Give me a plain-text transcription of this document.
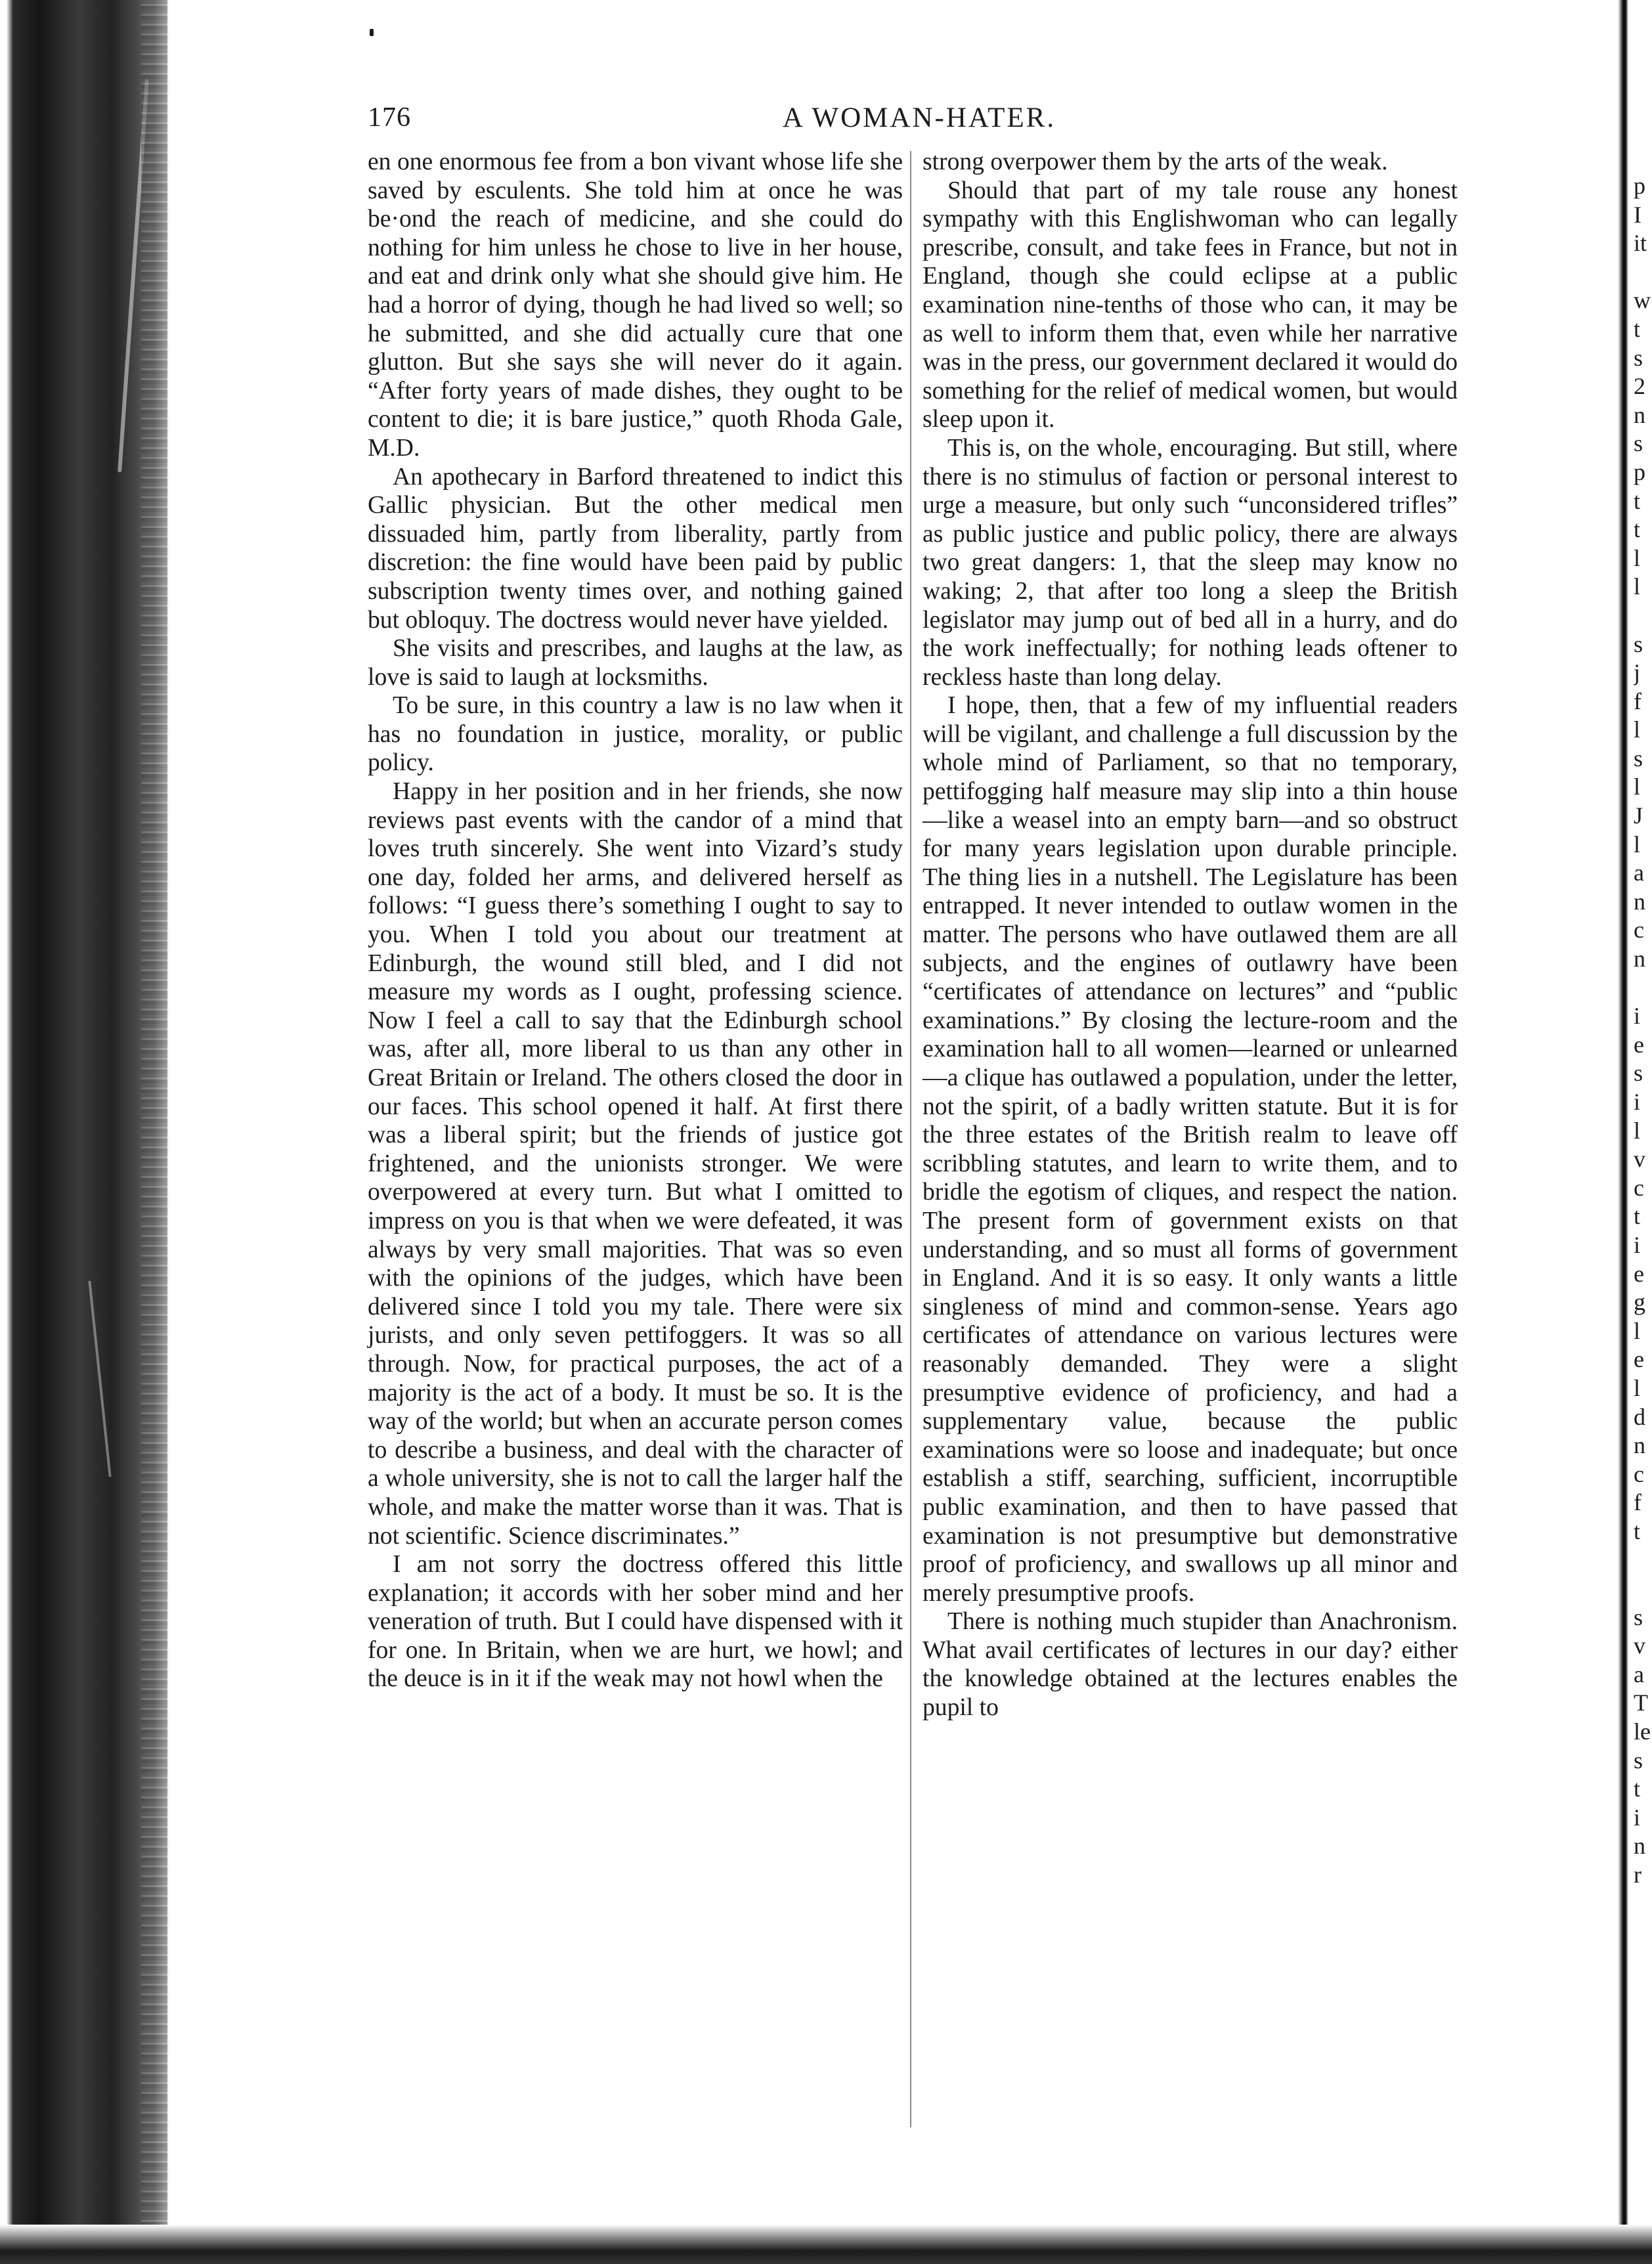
176	A WOMAN-HATER.

en one enormous fee from a bon vivant whose life she saved by esculents. She told him at once he was be·ond the reach of medicine, and she could do nothing for him unless he chose to live in her house, and eat and drink only what she should give him. He had a horror of dying, though he had lived so well; so he submitted, and she did actually cure that one glutton. But she says she will never do it again. “After forty years of made dishes, they ought to be content to die; it is bare justice,” quoth Rhoda Gale, M.D.

An apothecary in Barford threatened to indict this Gallic physician. But the other medical men dissuaded him, partly from liberality, partly from discretion: the fine would have been paid by public subscription twenty times over, and nothing gained but obloquy. The doctress would never have yielded.

She visits and prescribes, and laughs at the law, as love is said to laugh at locksmiths.

To be sure, in this country a law is no law when it has no foundation in justice, morality, or public policy.

Happy in her position and in her friends, she now reviews past events with the candor of a mind that loves truth sincerely. She went into Vizard’s study one day, folded her arms, and delivered herself as follows: “I guess there’s something I ought to say to you. When I told you about our treatment at Edinburgh, the wound still bled, and I did not measure my words as I ought, professing science. Now I feel a call to say that the Edinburgh school was, after all, more liberal to us than any other in Great Britain or Ireland. The others closed the door in our faces. This school opened it half. At first there was a liberal spirit; but the friends of justice got frightened, and the unionists stronger. We were overpowered at every turn. But what I omitted to impress on you is that when we were defeated, it was always by very small majorities. That was so even with the opinions of the judges, which have been delivered since I told you my tale. There were six jurists, and only seven pettifoggers. It was so all through. Now, for practical purposes, the act of a majority is the act of a body. It must be so. It is the way of the world; but when an accurate person comes to describe a business, and deal with the character of a whole university, she is not to call the larger half the whole, and make the matter worse than it was. That is not scientific. Science discriminates.”

I am not sorry the doctress offered this little explanation; it accords with her sober mind and her veneration of truth. But I could have dispensed with it for one. In Britain, when we are hurt, we howl; and the deuce is in it if the weak may not howl when the

strong overpower them by the arts of the weak.

Should that part of my tale rouse any honest sympathy with this Englishwoman who can legally prescribe, consult, and take fees in France, but not in England, though she could eclipse at a public examination nine-tenths of those who can, it may be as well to inform them that, even while her narrative was in the press, our government declared it would do something for the relief of medical women, but would sleep upon it.

This is, on the whole, encouraging. But still, where there is no stimulus of faction or personal interest to urge a measure, but only such “unconsidered trifles” as public justice and public policy, there are always two great dangers: 1, that the sleep may know no waking; 2, that after too long a sleep the British legislator may jump out of bed all in a hurry, and do the work ineffectually; for nothing leads oftener to reckless haste than long delay.

I hope, then, that a few of my influential readers will be vigilant, and challenge a full discussion by the whole mind of Parliament, so that no temporary, pettifogging half measure may slip into a thin house—like a weasel into an empty barn—and so obstruct for many years legislation upon durable principle. The thing lies in a nutshell. The Legislature has been entrapped. It never intended to outlaw women in the matter. The persons who have outlawed them are all subjects, and the engines of outlawry have been “certificates of attendance on lectures” and “public examinations.” By closing the lecture-room and the examination hall to all women—learned or unlearned—a clique has outlawed a population, under the letter, not the spirit, of a badly written statute. But it is for the three estates of the British realm to leave off scribbling statutes, and learn to write them, and to bridle the egotism of cliques, and respect the nation. The present form of government exists on that understanding, and so must all forms of government in England. And it is so easy. It only wants a little singleness of mind and common-sense. Years ago certificates of attendance on various lectures were reasonably demanded. They were a slight presumptive evidence of proficiency, and had a supplementary value, because the public examinations were so loose and inadequate; but once establish a stiff, searching, sufficient, incorruptible public examination, and then to have passed that examination is not presumptive but demonstrative proof of proficiency, and swallows up all minor and merely presumptive proofs.

There is nothing much stupider than Anachronism. What avail certificates of lectures in our day? either the knowledge obtained at the lectures enables the pupil to

p
I
it
w
t
s
2
n
s
p
t
t
l
l
s
j
f
l
s
l
J
l
a
n
c
n
i
e
s
i
l
v
c
t
i
e
g
l
e
l
d
n
c
f
t
s
v
a
T
le
s
t
i
n
r
